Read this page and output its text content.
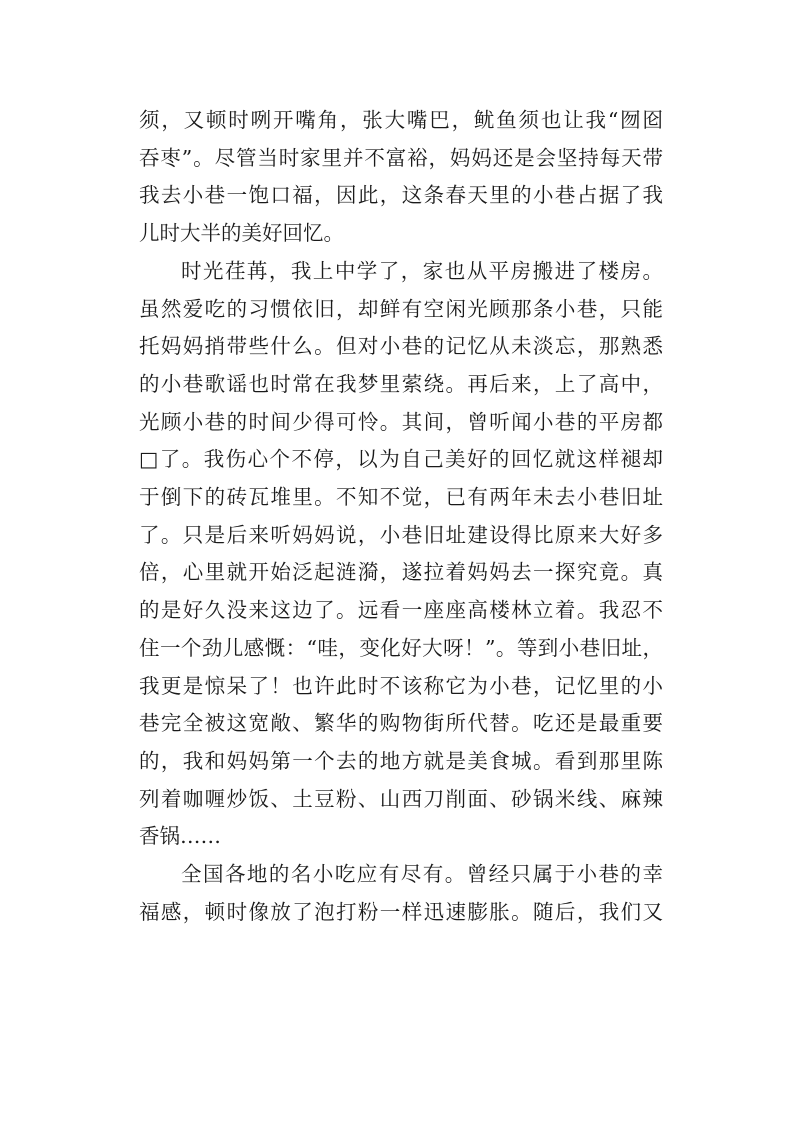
须，又顿时咧开嘴角，张大嘴巴，鱿鱼须也让我“囫囵
吞枣”。尽管当时家里并不富裕，妈妈还是会坚持每天带
我去小巷一饱口福，因此，这条春天里的小巷占据了我
儿时大半的美好回忆。
时光荏苒，我上中学了，家也从平房搬进了楼房。
虽然爱吃的习惯依旧，却鲜有空闲光顾那条小巷，只能
托妈妈捎带些什么。但对小巷的记忆从未淡忘，那熟悉
的小巷歌谣也时常在我梦里萦绕。再后来，上了高中，
光顾小巷的时间少得可怜。其间，曾听闻小巷的平房都
□了。我伤心个不停，以为自己美好的回忆就这样褪却
于倒下的砖瓦堆里。不知不觉，已有两年未去小巷旧址
了。只是后来听妈妈说，小巷旧址建设得比原来大好多
倍，心里就开始泛起涟漪，遂拉着妈妈去一探究竟。真
的是好久没来这边了。远看一座座高楼林立着。我忍不
住一个劲儿感慨：“哇，变化好大呀！”。等到小巷旧址，
我更是惊呆了！也许此时不该称它为小巷，记忆里的小
巷完全被这宽敞、繁华的购物街所代替。吃还是最重要
的，我和妈妈第一个去的地方就是美食城。看到那里陈
列着咖喱炒饭、土豆粉、山西刀削面、砂锅米线、麻辣
香锅……
全国各地的名小吃应有尽有。曾经只属于小巷的幸
福感，顿时像放了泡打粉一样迅速膨胀。随后，我们又
